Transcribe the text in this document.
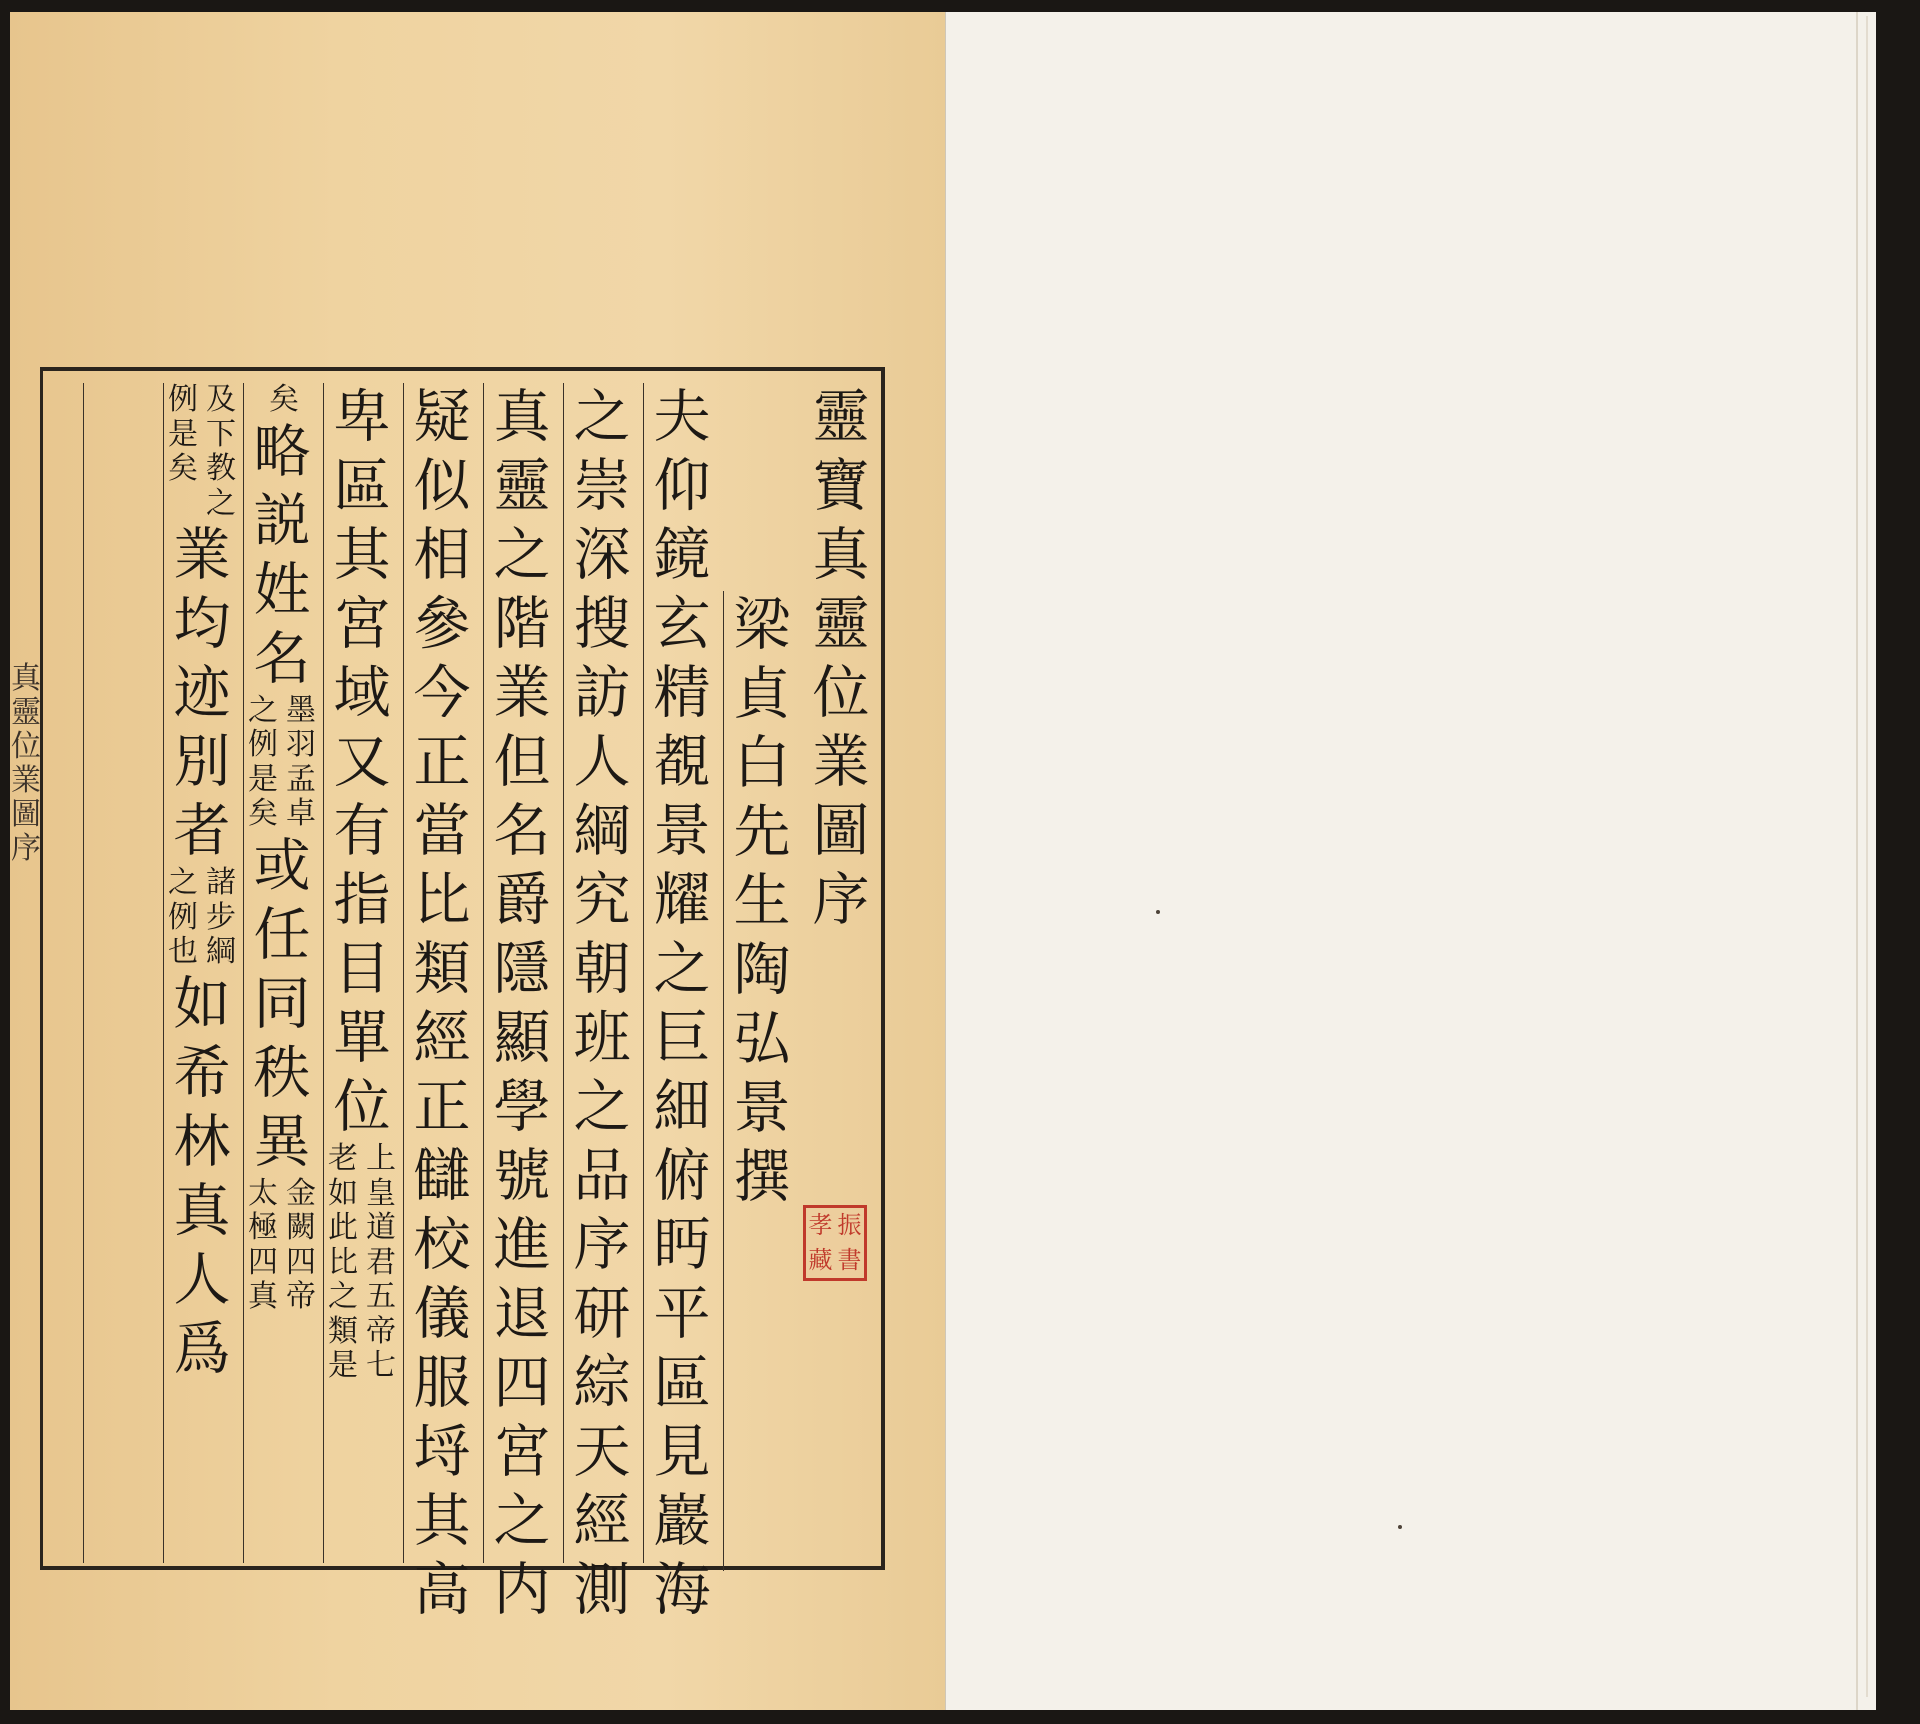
真
靈
位
業
圖
序
靈
寶
真
靈
位
業
圖
序
梁
貞
白
先
生
陶
弘
景
撰
夫
仰
鏡
玄
精
覩
景
耀
之
巨
細
俯
眄
平
區
見
巖
海
之
崇
深
搜
訪
人
綱
究
朝
班
之
品
序
研
綜
天
經
測
真
靈
之
階
業
但
名
爵
隱
顯
學
號
進
退
四
宮
之
内
疑
似
相
參
今
正
當
比
類
經
正
讎
校
儀
服
埒
其
高
卑
區
其
宮
域
又
有
指
目
單
位
上
皇
道
君
五
帝
七
老
如
此
比
之
類
是
矣
略
説
姓
名
墨
羽
孟
卓
之
例
是
矣
或
任
同
秩
異
金
闕
四
帝
太
極
四
真
及
下
教
之
例
是
矣
業
均
迹
別
者
諸
步
綱
之
例
也
如
希
林
真
人
爲
孝 振
藏 書
